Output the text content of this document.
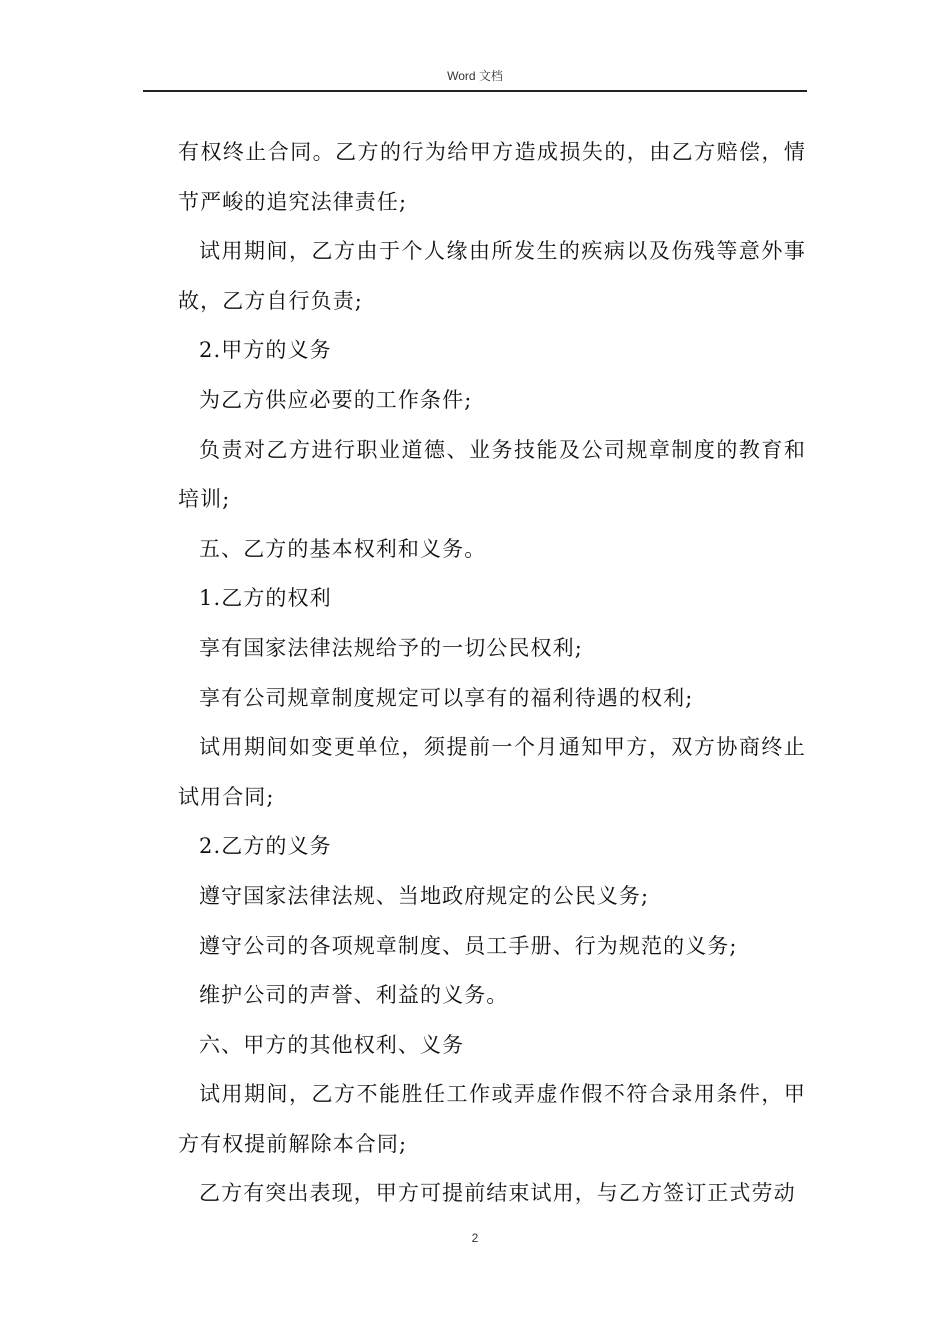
Word 文档

有权终止合同。乙方的行为给甲方造成损失的，由乙方赔偿，情节严峻的追究法律责任;

试用期间，乙方由于个人缘由所发生的疾病以及伤残等意外事故，乙方自行负责;

2.甲方的义务

为乙方供应必要的工作条件;

负责对乙方进行职业道德、业务技能及公司规章制度的教育和培训;

五、乙方的基本权利和义务。

1.乙方的权利

享有国家法律法规给予的一切公民权利;

享有公司规章制度规定可以享有的福利待遇的权利;

试用期间如变更单位，须提前一个月通知甲方，双方协商终止试用合同;

2.乙方的义务

遵守国家法律法规、当地政府规定的公民义务;

遵守公司的各项规章制度、员工手册、行为规范的义务;

维护公司的声誉、利益的义务。

六、甲方的其他权利、义务

试用期间，乙方不能胜任工作或弄虚作假不符合录用条件，甲方有权提前解除本合同;

乙方有突出表现，甲方可提前结束试用，与乙方签订正式劳动

2
